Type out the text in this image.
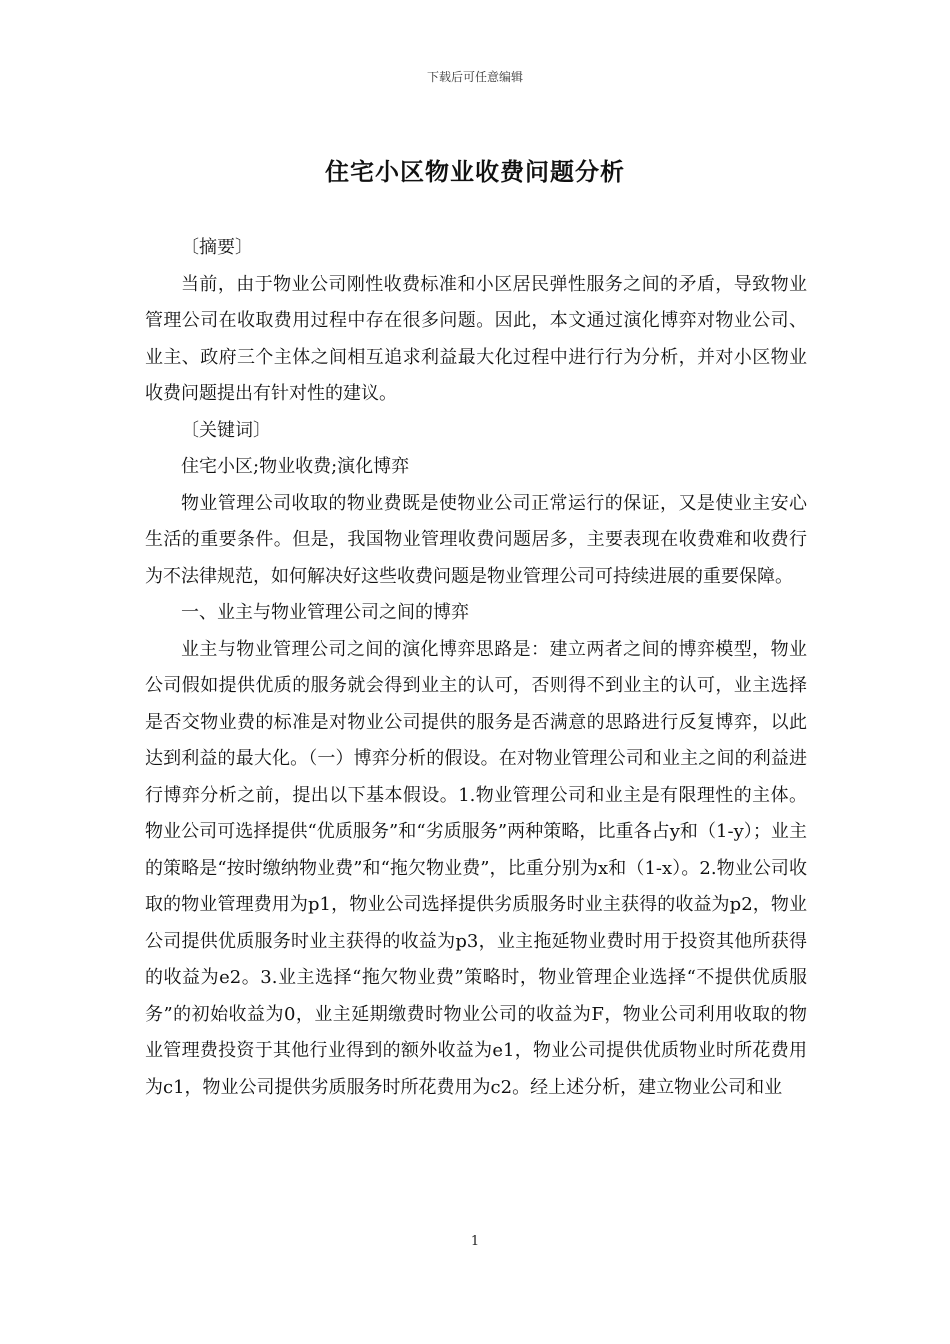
下载后可任意编辑
住宅小区物业收费问题分析

〔摘要〕

当前，由于物业公司刚性收费标准和小区居民弹性服务之间的矛盾，导致物业管理公司在收取费用过程中存在很多问题。因此，本文通过演化博弈对物业公司、业主、政府三个主体之间相互追求利益最大化过程中进行行为分析，并对小区物业收费问题提出有针对性的建议。

〔关键词〕

住宅小区;物业收费;演化博弈

物业管理公司收取的物业费既是使物业公司正常运行的保证，又是使业主安心生活的重要条件。但是，我国物业管理收费问题居多，主要表现在收费难和收费行为不法律规范，如何解决好这些收费问题是物业管理公司可持续进展的重要保障。

一、业主与物业管理公司之间的博弈

业主与物业管理公司之间的演化博弈思路是：建立两者之间的博弈模型，物业公司假如提供优质的服务就会得到业主的认可，否则得不到业主的认可，业主选择是否交物业费的标准是对物业公司提供的服务是否满意的思路进行反复博弈，以此达到利益的最大化。（一）博弈分析的假设。在对物业管理公司和业主之间的利益进行博弈分析之前，提出以下基本假设。1.物业管理公司和业主是有限理性的主体。物业公司可选择提供“优质服务”和“劣质服务”两种策略，比重各占y和（1-y）；业主的策略是“按时缴纳物业费”和“拖欠物业费”，比重分别为x和（1-x）。2.物业公司收取的物业管理费用为p1，物业公司选择提供劣质服务时业主获得的收益为p2，物业公司提供优质服务时业主获得的收益为p3，业主拖延物业费时用于投资其他所获得的收益为e2。3.业主选择“拖欠物业费”策略时，物业管理企业选择“不提供优质服务”的初始收益为0，业主延期缴费时物业公司的收益为F，物业公司利用收取的物业管理费投资于其他行业得到的额外收益为e1，物业公司提供优质物业时所花费用为c1，物业公司提供劣质服务时所花费用为c2。经上述分析，建立物业公司和业

1
